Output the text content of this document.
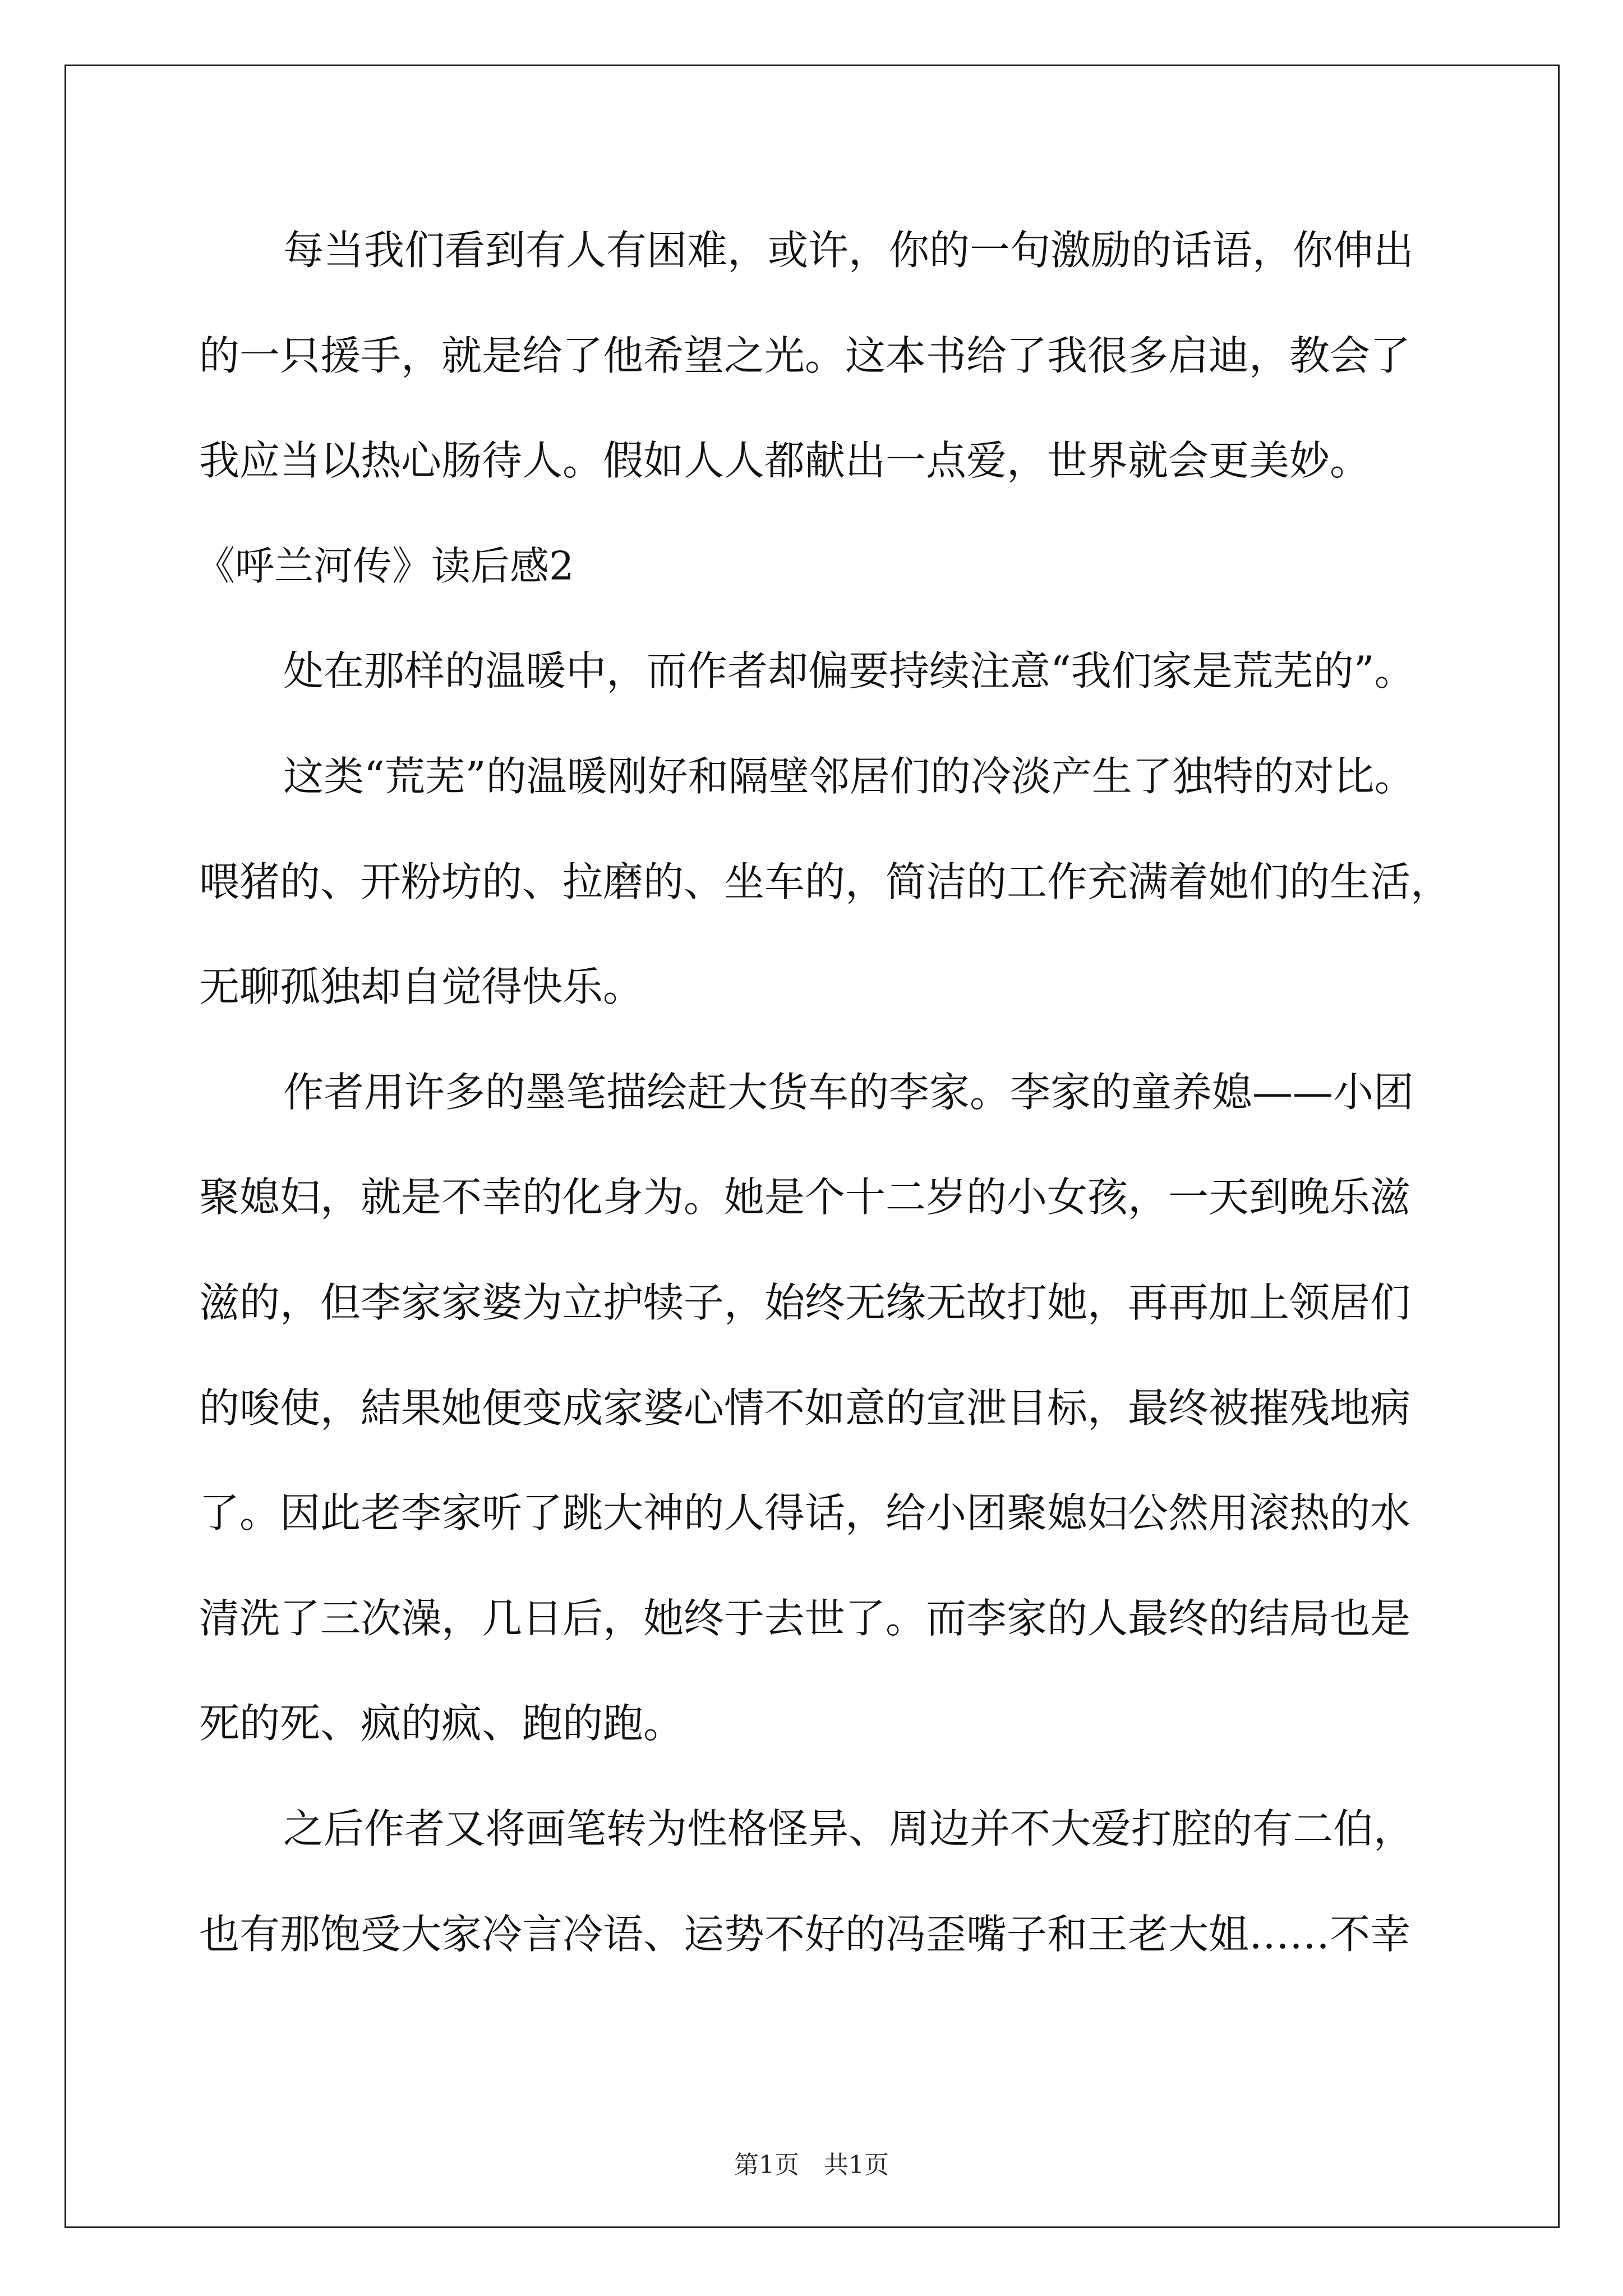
每当我们看到有人有困难，或许，你的一句激励的话语，你伸出
的一只援手，就是给了他希望之光。这本书给了我很多启迪，教会了
我应当以热心肠待人。假如人人都献出一点爱，世界就会更美妙。
《呼兰河传》读后感2
处在那样的温暖中，而作者却偏要持续注意“我们家是荒芜的”。
这类“荒芜”的温暖刚好和隔壁邻居们的冷淡产生了独特的对比。
喂猪的、开粉坊的、拉磨的、坐车的，简洁的工作充满着她们的生活，
无聊孤独却自觉得快乐。
作者用许多的墨笔描绘赶大货车的李家。李家的童养媳——小团
聚媳妇，就是不幸的化身为。她是个十二岁的小女孩，一天到晚乐滋
滋的，但李家家婆为立护犊子，始终无缘无故打她，再再加上领居们
的唆使，結果她便变成家婆心情不如意的宣泄目标，最终被摧残地病
了。因此老李家听了跳大神的人得话，给小团聚媳妇公然用滚热的水
清洗了三次澡，几日后，她终于去世了。而李家的人最终的结局也是
死的死、疯的疯、跑的跑。
之后作者又将画笔转为性格怪异、周边并不大爱打腔的有二伯，
也有那饱受大家冷言冷语、运势不好的冯歪嘴子和王老大姐……不幸
第1页　共1页
